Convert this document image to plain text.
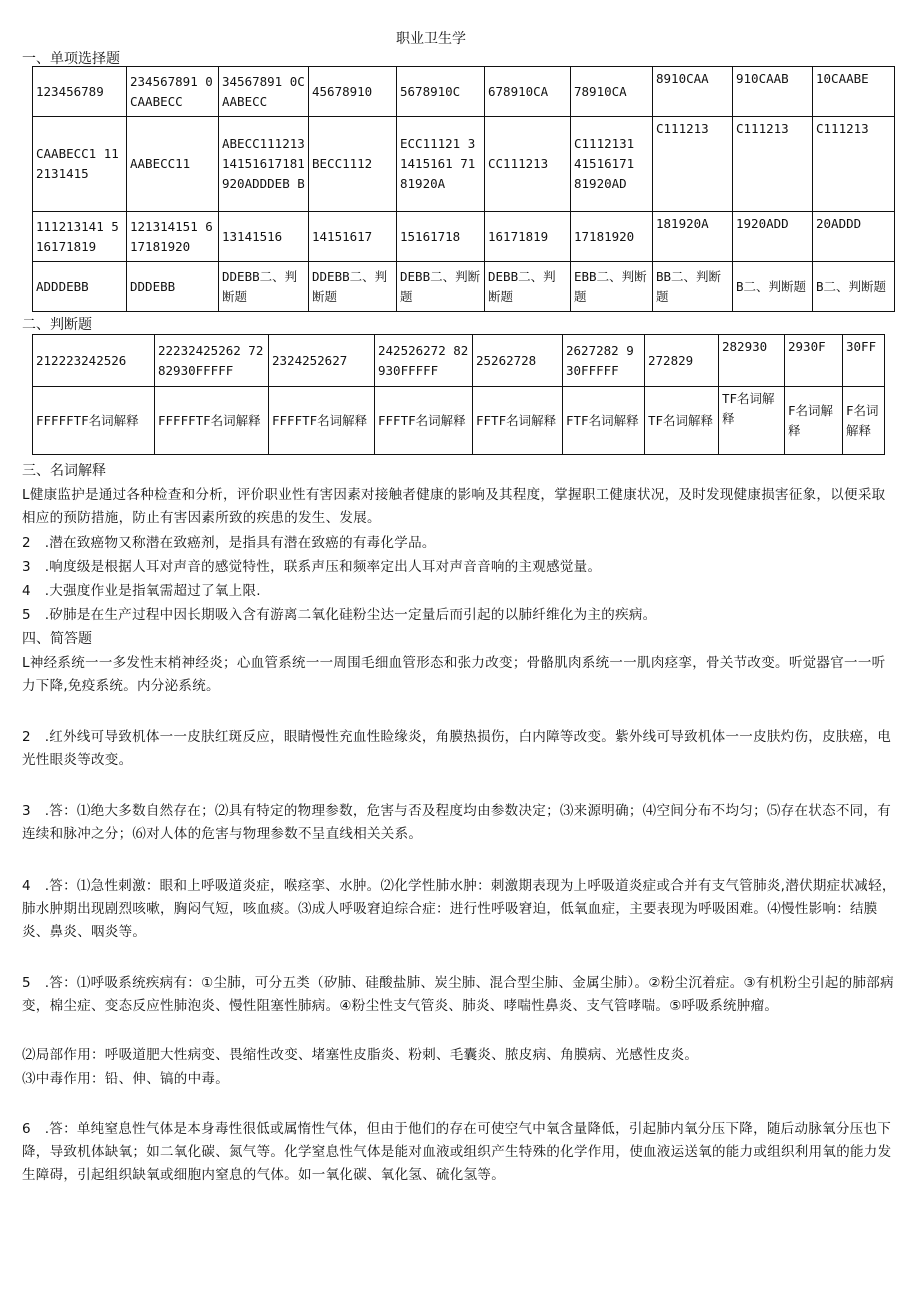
职业卫生学
一、单项选择题
123456789	234567891 0CAABECC	34567891 0CAABECC	45678910	5678910C	678910CA	78910CA	8910CAA	910CAAB	10CAABE
CAABECC1 112131415	AABECC11	ABECC111213 14151617181 920ADDDEB B	BECC1112	ECC11121 31415161 7181920A	CC111213	C1112131 41516171 81920AD	C111213	C111213	C111213
111213141 516171819	121314151 617181920	13141516	14151617	15161718	16171819	17181920	181920A	1920ADD	20ADDD
ADDDEBB	DDDEBB	DDEBB二、判断题	DDEBB二、判断题	DEBB二、判断题	DEBB二、判断题	EBB二、判断题	BB二、判断题	B二、判断题	B二、判断题
二、判断题
212223242526	22232425262 7282930FFFFF	2324252627	242526272 82930FFFFF	25262728	2627282 930FFFFF	272829	282930	2930F	30FF
FFFFFTF名词解释	FFFFFTF名词解释	FFFFTF名词解释	FFFTF名词解释	FFTF名词解释	FTF名词解释	TF名词解释	TF名词解释	F名词解释	F名词解释
三、名词解释
L健康监护是通过各种检查和分析，评价职业性有害因素对接触者健康的影响及其程度，掌握职工健康状况，及时发现健康损害征象，以便采取相应的预防措施，防止有害因素所致的疾患的发生、发展。
2　.潜在致癌物又称潜在致癌剂，是指具有潜在致癌的有毒化学品。
3　.响度级是根据人耳对声音的感觉特性，联系声压和频率定出人耳对声音音响的主观感觉量。
4　.大强度作业是指氧需超过了氧上限.
5　.矽肺是在生产过程中因长期吸入含有游离二氧化硅粉尘达一定量后而引起的以肺纤维化为主的疾病。
四、简答题
L神经系统一一多发性末梢神经炎；心血管系统一一周围毛细血管形态和张力改变；骨骼肌肉系统一一肌肉痉挛，骨关节改变。听觉器官一一听力下降,免疫系统。内分泌系统。
2　.红外线可导致机体一一皮肤红斑反应，眼睛慢性充血性睑缘炎，角膜热损伤，白内障等改变。紫外线可导致机体一一皮肤灼伤，皮肤癌，电光性眼炎等改变。
3　.答：⑴绝大多数自然存在；⑵具有特定的物理参数，危害与否及程度均由参数决定；⑶来源明确；⑷空间分布不均匀；⑸存在状态不同，有连续和脉冲之分；⑹对人体的危害与物理参数不呈直线相关关系。
4　.答：⑴急性刺激：眼和上呼吸道炎症，喉痉挛、水肿。⑵化学性肺水肿：刺激期表现为上呼吸道炎症或合并有支气管肺炎,潜伏期症状减轻，肺水肿期出现剧烈咳嗽，胸闷气短，咳血痰。⑶成人呼吸窘迫综合症：进行性呼吸窘迫，低氧血症，主要表现为呼吸困难。⑷慢性影响：结膜炎、鼻炎、咽炎等。
5　.答：⑴呼吸系统疾病有：①尘肺，可分五类（矽肺、硅酸盐肺、炭尘肺、混合型尘肺、金属尘肺）。②粉尘沉着症。③有机粉尘引起的肺部病变，棉尘症、变态反应性肺泡炎、慢性阻塞性肺病。④粉尘性支气管炎、肺炎、哮喘性鼻炎、支气管哮喘。⑤呼吸系统肿瘤。
⑵局部作用：呼吸道肥大性病变、畏缩性改变、堵塞性皮脂炎、粉刺、毛囊炎、脓皮病、角膜病、光感性皮炎。
⑶中毒作用：铅、伸、镐的中毒。
6　.答：单纯窒息性气体是本身毒性很低或属惰性气体，但由于他们的存在可使空气中氧含量降低，引起肺内氧分压下降，随后动脉氧分压也下降，导致机体缺氧；如二氧化碳、氮气等。化学窒息性气体是能对血液或组织产生特殊的化学作用，使血液运送氧的能力或组织利用氧的能力发生障碍，引起组织缺氧或细胞内窒息的气体。如一氧化碳、氧化氢、硫化氢等。
